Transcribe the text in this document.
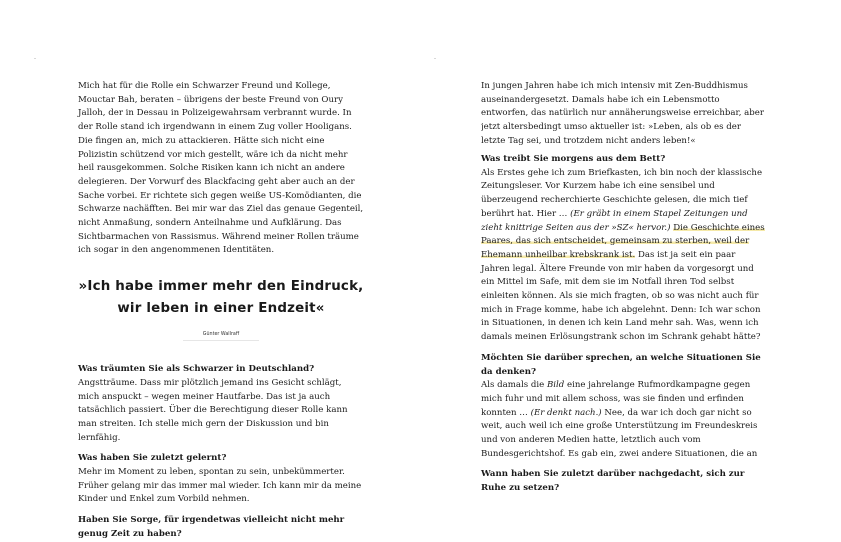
Mich hat für die Rolle ein Schwarzer Freund und Kollege, Mouctar Bah, beraten – übrigens der beste Freund von Oury Jalloh, der in Dessau in Polizeigewahrsam verbrannt wurde. In der Rolle stand ich irgendwann in einem Zug voller Hooligans. Die fingen an, mich zu attackieren. Hätte sich nicht eine Polizistin schützend vor mich gestellt, wäre ich da nicht mehr heil rausgekommen. Solche Risiken kann ich nicht an andere delegieren. Der Vorwurf des Blackfacing geht aber auch an der Sache vorbei. Er richtete sich gegen weiße US-Komödianten, die Schwarze nachäfften. Bei mir war das Ziel das genaue Gegenteil, nicht Anmaßung, sondern Anteilnahme und Aufklärung. Das Sichtbarmachen von Rassismus. Während meiner Rollen träume ich sogar in den angenommenen Identitäten.

»Ich habe immer mehr den Eindruck,
wir leben in einer Endzeit«
Günter Wallraff

Was träumten Sie als Schwarzer in Deutschland?

Angstträume. Dass mir plötzlich jemand ins Gesicht schlägt, mich anspuckt – wegen meiner Hautfarbe. Das ist ja auch tatsächlich passiert. Über die Berechtigung dieser Rolle kann man streiten. Ich stelle mich gern der Diskussion und bin lernfähig.

Was haben Sie zuletzt gelernt?

Mehr im Moment zu leben, spontan zu sein, unbekümmerter. Früher gelang mir das immer mal wieder. Ich kann mir da meine Kinder und Enkel zum Vorbild nehmen.

Haben Sie Sorge, für irgendetwas vielleicht nicht mehr genug Zeit zu haben?

In jungen Jahren habe ich mich intensiv mit Zen-Buddhismus auseinandergesetzt. Damals habe ich ein Lebensmotto entworfen, das natürlich nur annäherungsweise erreichbar, aber jetzt altersbedingt umso aktueller ist: »Leben, als ob es der letzte Tag sei, und trotzdem nicht anders leben!«

Was treibt Sie morgens aus dem Bett?

Als Erstes gehe ich zum Briefkasten, ich bin noch der klassische Zeitungsleser. Vor Kurzem habe ich eine sensibel und überzeugend recherchierte Geschichte gelesen, die mich tief berührt hat. Hier … (Er gräbt in einem Stapel Zeitungen und zieht knittrige Seiten aus der »SZ« hervor.) Die Geschichte eines Paares, das sich entscheidet, gemeinsam zu sterben, weil der Ehemann unheilbar krebskrank ist. Das ist ja seit ein paar Jahren legal. Ältere Freunde von mir haben da vorgesorgt und ein Mittel im Safe, mit dem sie im Notfall ihren Tod selbst einleiten können. Als sie mich fragten, ob so was nicht auch für mich in Frage komme, habe ich abgelehnt. Denn: Ich war schon in Situationen, in denen ich kein Land mehr sah. Was, wenn ich damals meinen Erlösungstrank schon im Schrank gehabt hätte?

Möchten Sie darüber sprechen, an welche Situationen Sie da denken?

Als damals die Bild eine jahrelange Rufmordkampagne gegen mich fuhr und mit allem schoss, was sie finden und erfinden konnten … (Er denkt nach.) Nee, da war ich doch gar nicht so weit, auch weil ich eine große Unterstützung im Freundeskreis und von anderen Medien hatte, letztlich auch vom Bundesgerichtshof. Es gab ein, zwei andere Situationen, die an

Wann haben Sie zuletzt darüber nachgedacht, sich zur Ruhe zu setzen?
